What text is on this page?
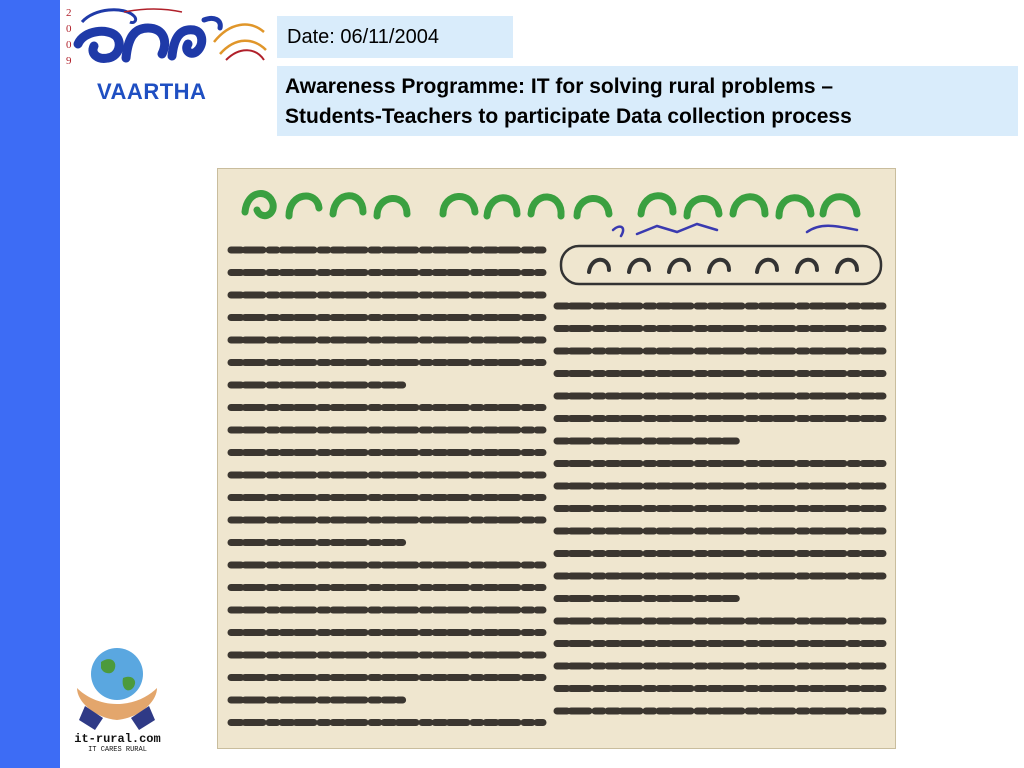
2
0
0
9
VAARTHA
Date: 06/11/2004
Awareness Programme: IT for solving rural problems –
Students-Teachers to participate Data collection process
it-rural.com
IT CARES RURAL
